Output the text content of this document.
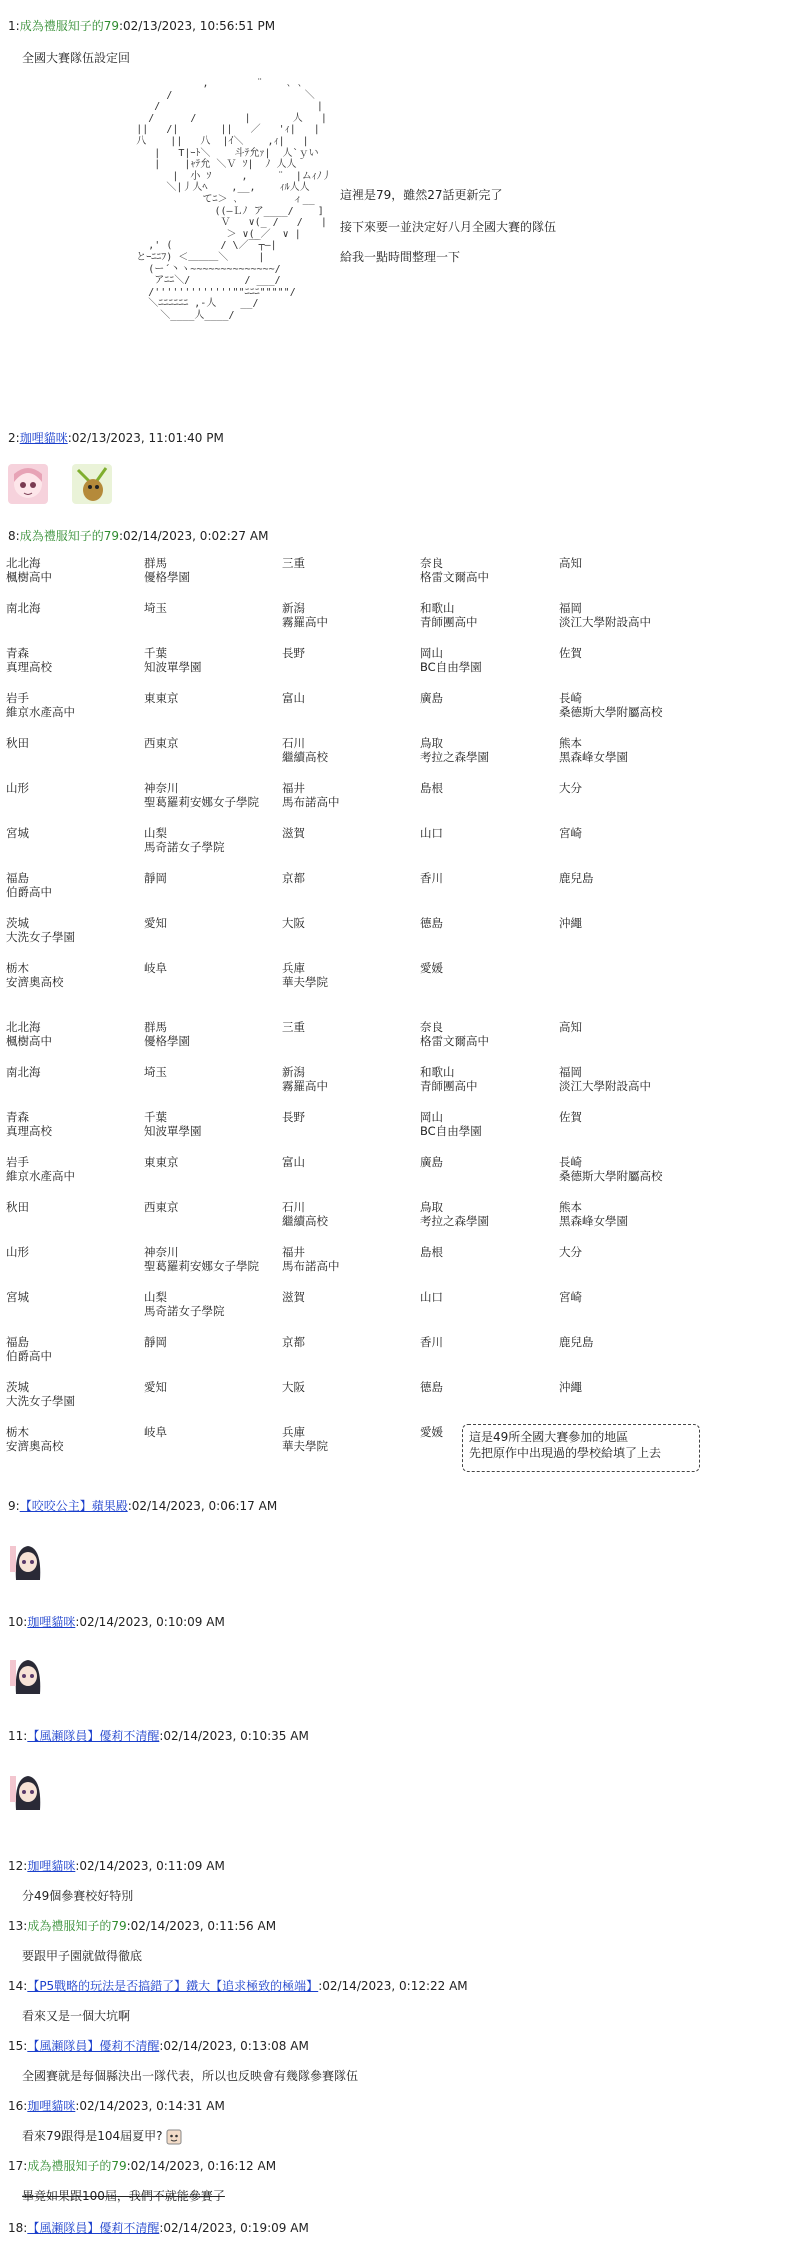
1:成為禮服知子的79:02/13/2023, 10:56:51 PM
全國大賽隊伍設定回
,        ¨    ､ ､
/                      ＼
/                          |
/      /        |       人   |
||   /|       ||   ／   'ｨ|   |
八    ||   八  |ｲ＼    ,ｨ|   |
|   T|ｰﾄ＼    斗ﾃ允ｧ|  人`ｙい
|    |ｬﾃ允 ＼Ｖ ｿ|  ﾉ 人人
|  小 ｿ     ,     ¨  |ムｨﾉ丿
＼|丿人ﾍ    ,__,    ｨﾙ人人
てﾆ＞ ､         ィ__
((―Ｌﾉ ア____/    ]
Ｖ   ∨(_ /   /   |
＞ ∨(_／  ∨ |
,' (        / \／￣┬―|
とｰﾆﾆﾌ) ＜＿＿＿＼     |
(ー´丶ヽ~~~~~~~~~~~~~~/
アﾆﾆ＼/         / ___/
/'''''''''''''""ﾆﾆﾆ"""""/
＼ﾆﾆﾆﾆﾆﾆ ,-人    __/
＼____人____/
這裡是79，雖然27話更新完了
接下來要一並決定好八月全國大賽的隊伍
給我一點時間整理一下
2:珈哩貓咪:02/13/2023, 11:01:40 PM
8:成為禮服知子的79:02/14/2023, 0:02:27 AM
北北海
楓樹高中
南北海
青森
真理高校
岩手
維京水產高中
秋田
山形
宮城
福島
伯爵高中
茨城
大洗女子學園
栃木
安濟奧高校
群馬
優格學園
埼玉
千葉
知波單學園
東東京
西東京
神奈川
聖葛羅莉安娜女子學院
山梨
馬奇諾女子學院
靜岡
愛知
岐阜
三重
新潟
霧羅高中
長野
富山
石川
繼續高校
福井
馬布諾高中
滋賀
京都
大阪
兵庫
華夫學院
奈良
格雷文爾高中
和歌山
青師團高中
岡山
BC自由學園
廣島
鳥取
考拉之森學園
島根
山口
香川
德島
愛媛
高知
福岡
淡江大學附設高中
佐賀
長崎
桑德斯大學附屬高校
熊本
黑森峰女學園
大分
宮崎
鹿兒島
沖繩
北北海
楓樹高中
南北海
青森
真理高校
岩手
維京水產高中
秋田
山形
宮城
福島
伯爵高中
茨城
大洗女子學園
栃木
安濟奧高校
群馬
優格學園
埼玉
千葉
知波單學園
東東京
西東京
神奈川
聖葛羅莉安娜女子學院
山梨
馬奇諾女子學院
靜岡
愛知
岐阜
三重
新潟
霧羅高中
長野
富山
石川
繼續高校
福井
馬布諾高中
滋賀
京都
大阪
兵庫
華夫學院
奈良
格雷文爾高中
和歌山
青師團高中
岡山
BC自由學園
廣島
鳥取
考拉之森學園
島根
山口
香川
德島
愛媛
高知
福岡
淡江大學附設高中
佐賀
長崎
桑德斯大學附屬高校
熊本
黑森峰女學園
大分
宮崎
鹿兒島
沖繩
這是49所全國大賽參加的地區
先把原作中出現過的學校給填了上去
9:【咬咬公主】蘋果殿:02/14/2023, 0:06:17 AM
10:珈哩貓咪:02/14/2023, 0:10:09 AM
11:【風瀬隊員】優莉不清醒:02/14/2023, 0:10:35 AM
12:珈哩貓咪:02/14/2023, 0:11:09 AM
分49個參賽校好特別
13:成為禮服知子的79:02/14/2023, 0:11:56 AM
要跟甲子園就做得徹底
14:【P5戰略的玩法是否搞錯了】鐵大【追求極致的極端】:02/14/2023, 0:12:22 AM
看來又是一個大坑啊
15:【風瀬隊員】優莉不清醒:02/14/2023, 0:13:08 AM
全國賽就是每個縣決出一隊代表，所以也反映會有幾隊參賽隊伍
16:珈哩貓咪:02/14/2023, 0:14:31 AM
看來79跟得是104屆夏甲?
17:成為禮服知子的79:02/14/2023, 0:16:12 AM
畢竟如果跟100屆，我們不就能參賽了
18:【風瀬隊員】優莉不清醒:02/14/2023, 0:19:09 AM
